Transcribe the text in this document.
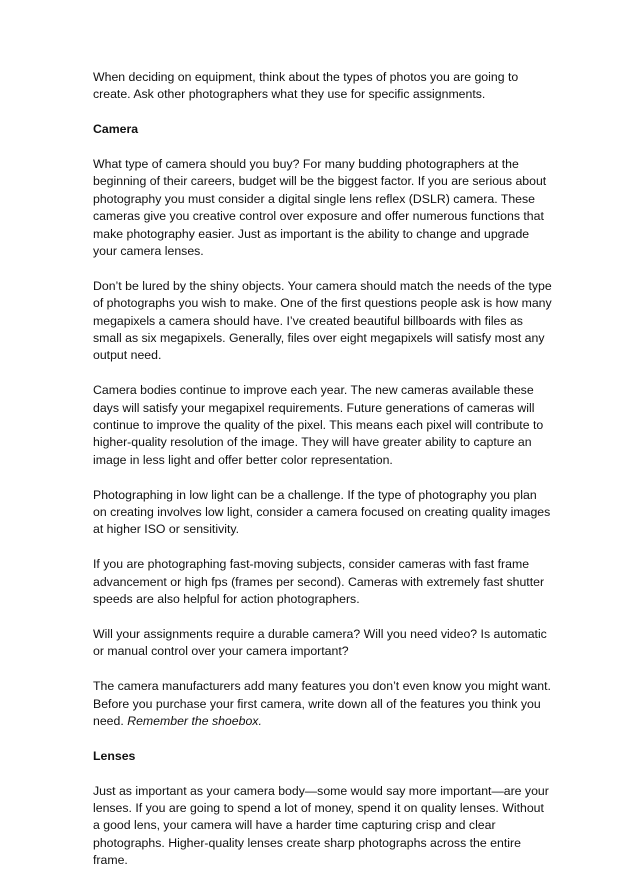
When deciding on equipment, think about the types of photos you are going to create. Ask other photographers what they use for specific assignments.

Camera

What type of camera should you buy? For many budding photographers at the beginning of their careers, budget will be the biggest factor. If you are serious about photography you must consider a digital single lens reflex (DSLR) camera. These cameras give you creative control over exposure and offer numerous functions that make photography easier. Just as important is the ability to change and upgrade your camera lenses.

Don’t be lured by the shiny objects. Your camera should match the needs of the type of photographs you wish to make. One of the first questions people ask is how many megapixels a camera should have. I’ve created beautiful billboards with files as small as six megapixels. Generally, files over eight megapixels will satisfy most any output need.

Camera bodies continue to improve each year. The new cameras available these days will satisfy your megapixel requirements. Future generations of cameras will continue to improve the quality of the pixel. This means each pixel will contribute to higher-quality resolution of the image. They will have greater ability to capture an image in less light and offer better color representation.

Photographing in low light can be a challenge. If the type of photography you plan on creating involves low light, consider a camera focused on creating quality images at higher ISO or sensitivity.

If you are photographing fast-moving subjects, consider cameras with fast frame advancement or high fps (frames per second). Cameras with extremely fast shutter speeds are also helpful for action photographers.

Will your assignments require a durable camera? Will you need video? Is automatic or manual control over your camera important?

The camera manufacturers add many features you don’t even know you might want. Before you purchase your first camera, write down all of the features you think you need. Remember the shoebox.

Lenses

Just as important as your camera body—some would say more important—are your lenses. If you are going to spend a lot of money, spend it on quality lenses. Without a good lens, your camera will have a harder time capturing crisp and clear photographs. Higher-quality lenses create sharp photographs across the entire frame.
